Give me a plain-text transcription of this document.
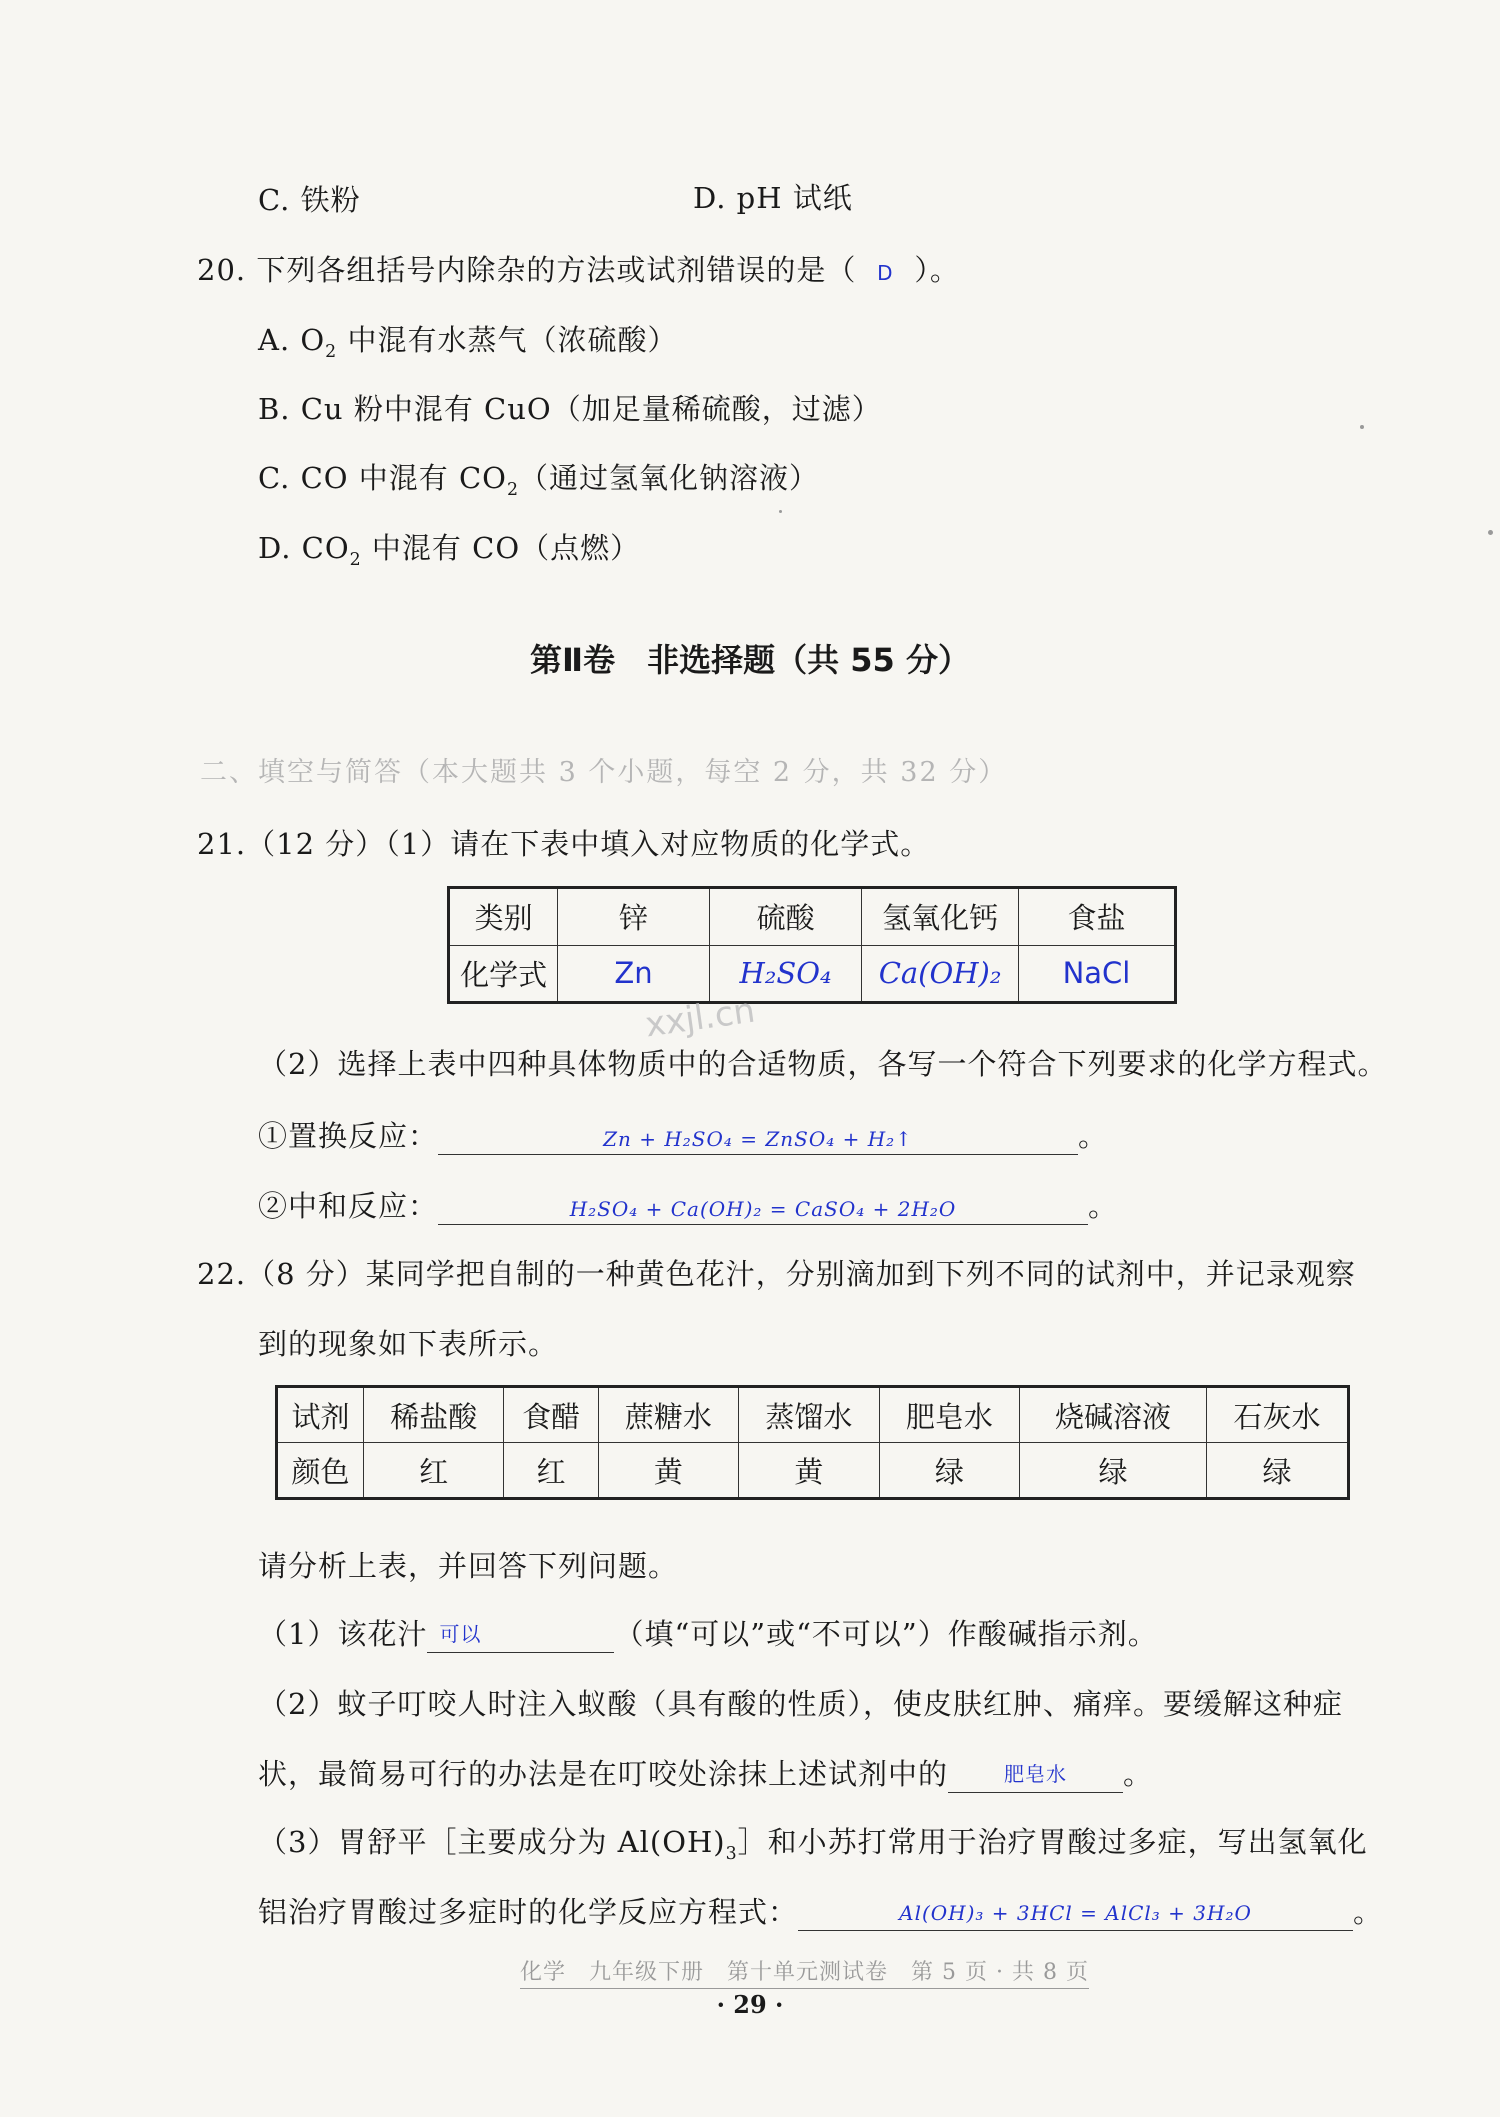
C. 铁粉	D. pH 试纸
20. 下列各组括号内除杂的方法或试剂错误的是（ D ）。
A. $O_2$ 中混有水蒸气（浓硫酸）
B. Cu 粉中混有 CuO（加足量稀硫酸，过滤）
C. CO 中混有 $CO_2$（通过氢氧化钠溶液）
D. $CO_2$ 中混有 CO（点燃）
第Ⅱ卷　非选择题（共 55 分）
二、填空与简答（本大题共 3 个小题，每空 2 分，共 32 分）
21.（12 分）（1）请在下表中填入对应物质的化学式。
类别	锌	硫酸	氢氧化钙	食盐
化学式	Zn	H₂SO₄	Ca(OH)₂	NaCl
xxjl.cn
（2）选择上表中四种具体物质中的合适物质，各写一个符合下列要求的化学方程式。
①置换反应：	Zn + H₂SO₄ = ZnSO₄ + H₂↑	。
②中和反应：	H₂SO₄ + Ca(OH)₂ = CaSO₄ + 2H₂O	。
22.（8 分）某同学把自制的一种黄色花汁，分别滴加到下列不同的试剂中，并记录观察
到的现象如下表所示。
试剂	稀盐酸	食醋	蔗糖水	蒸馏水	肥皂水	烧碱溶液	石灰水
颜色	红	红	黄	黄	绿	绿	绿
请分析上表，并回答下列问题。
（1）该花汁 可以	（填“可以”或“不可以”）作酸碱指示剂。
（2）蚊子叮咬人时注入蚁酸（具有酸的性质），使皮肤红肿、痛痒。要缓解这种症
状，最简易可行的办法是在叮咬处涂抹上述试剂中的	肥皂水 。
（3）胃舒平［主要成分为 $Al(OH)_3]$和小苏打常用于治疗胃酸过多症，写出氢氧化
铝治疗胃酸过多症时的化学反应方程式：	Al(OH)₃ + 3HCl = AlCl₃ + 3H₂O	。
化学　九年级下册　第十单元测试卷　第 5 页 · 共 8 页
· 29 ·
